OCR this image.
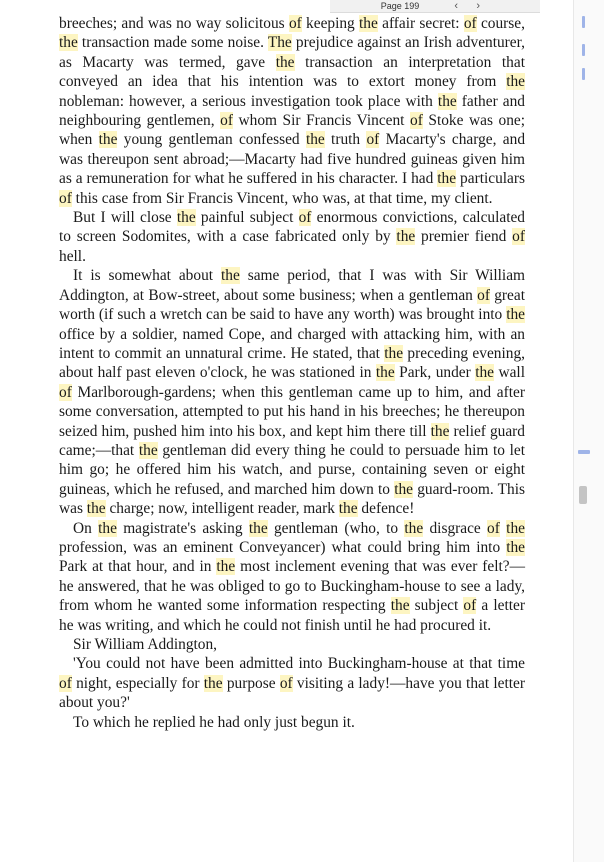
Page 199	‹	›

breeches; and was no way solicitous of keeping the affair secret: of course, the transaction made some noise. The prejudice against an Irish adventurer, as Macarty was termed, gave the transaction an interpretation that conveyed an idea that his intention was to extort money from the nobleman: however, a serious investigation took place with the father and neighbouring gentlemen, of whom Sir Francis Vincent of Stoke was one; when the young gentleman confessed the truth of Macarty's charge, and was thereupon sent abroad;—Macarty had five hundred guineas given him as a remuneration for what he suffered in his character. I had the particulars of this case from Sir Francis Vincent, who was, at that time, my client.

But I will close the painful subject of enormous convictions, calculated to screen Sodomites, with a case fabricated only by the premier fiend of hell.

It is somewhat about the same period, that I was with Sir William Addington, at Bow-street, about some business; when a gentleman of great worth (if such a wretch can be said to have any worth) was brought into the office by a soldier, named Cope, and charged with attacking him, with an intent to commit an unnatural crime. He stated, that the preceding evening, about half past eleven o'clock, he was stationed in the Park, under the wall of Marlborough-gardens; when this gentleman came up to him, and after some conversation, attempted to put his hand in his breeches; he thereupon seized him, pushed him into his box, and kept him there till the relief guard came;—that the gentleman did every thing he could to persuade him to let him go; he offered him his watch, and purse, containing seven or eight guineas, which he refused, and marched him down to the guard-room. This was the charge; now, intelligent reader, mark the defence!

On the magistrate's asking the gentleman (who, to the disgrace of the profession, was an eminent Conveyancer) what could bring him into the Park at that hour, and in the most inclement evening that was ever felt?—he answered, that he was obliged to go to Buckingham-house to see a lady, from whom he wanted some information respecting the subject of a letter he was writing, and which he could not finish until he had procured it.

Sir William Addington,

'You could not have been admitted into Buckingham-house at that time of night, especially for the purpose of visiting a lady!—have you that letter about you?'

To which he replied he had only just begun it.
